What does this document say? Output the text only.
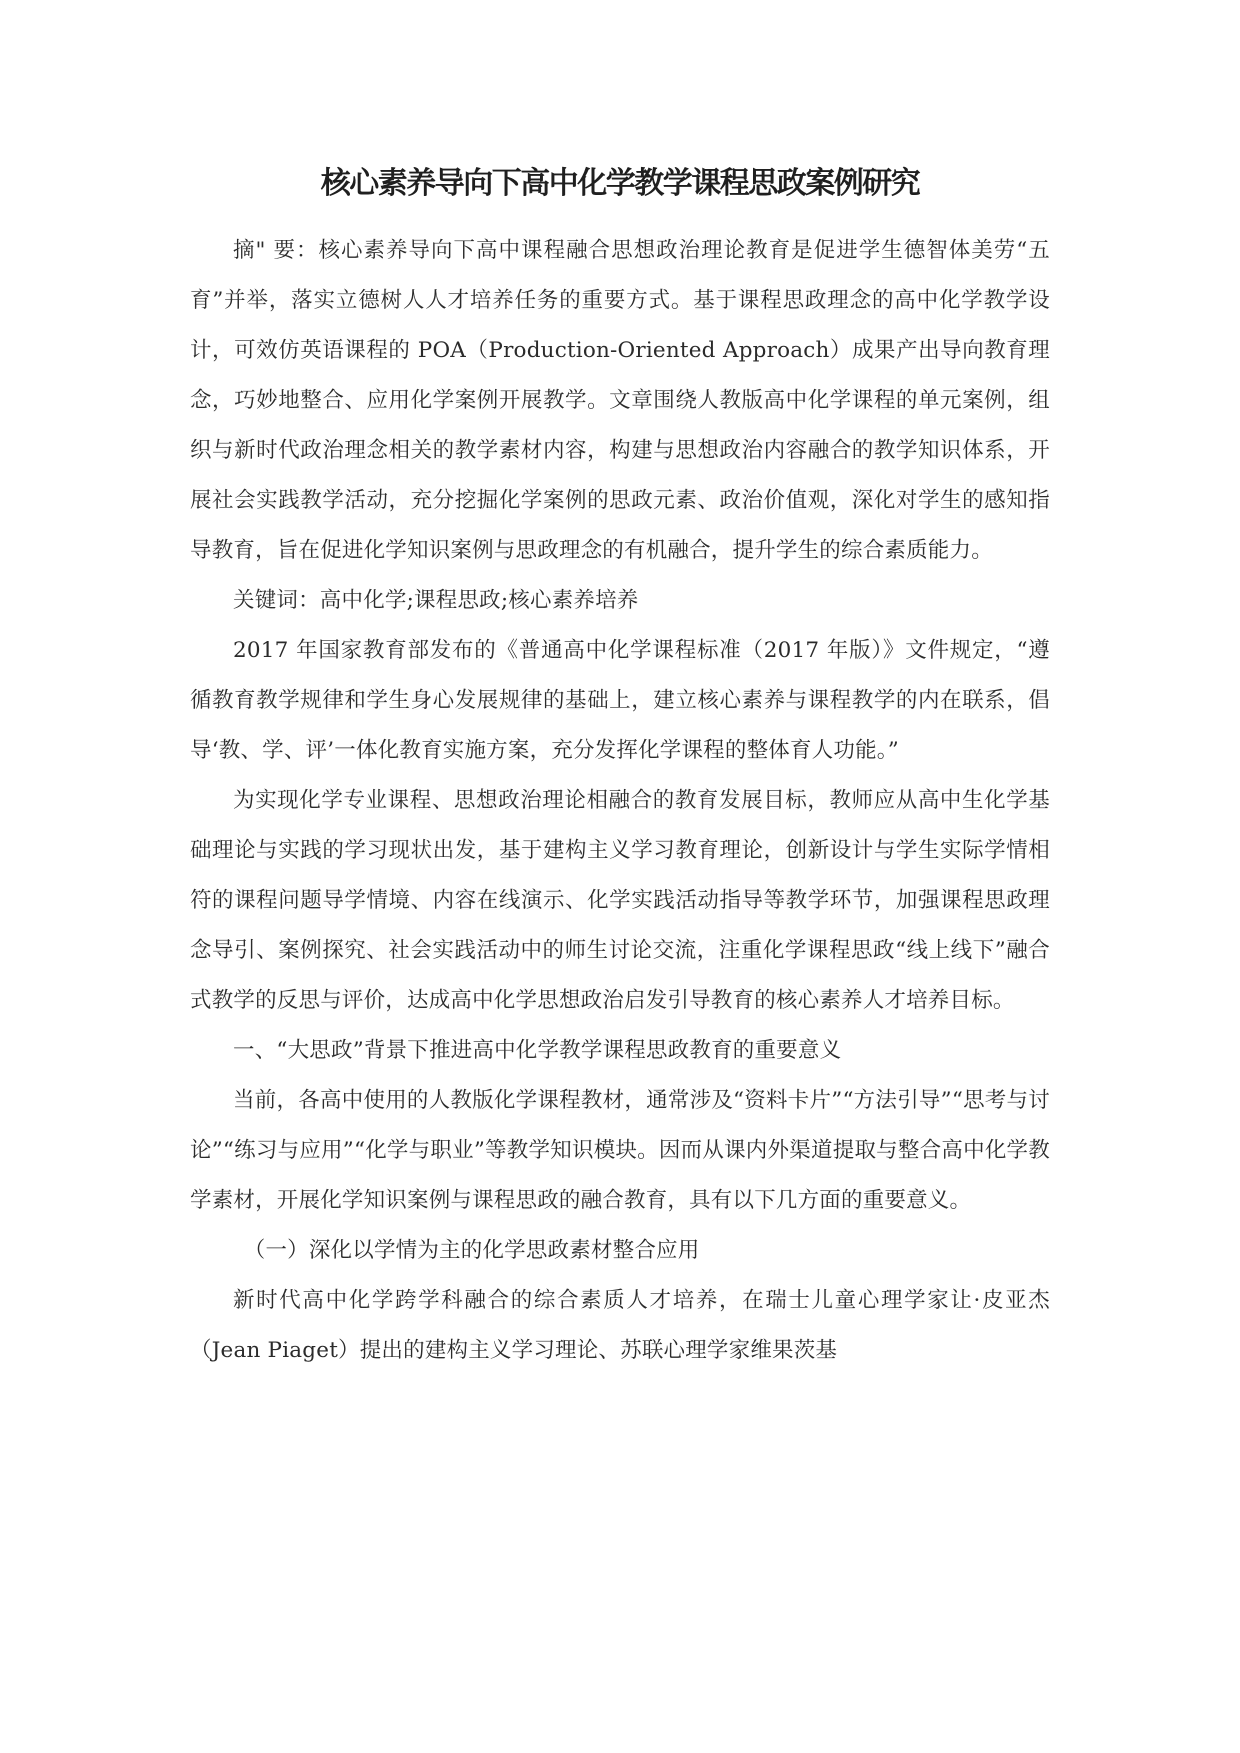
核心素养导向下高中化学教学课程思政案例研究

摘" 要：核心素养导向下高中课程融合思想政治理论教育是促进学生德智体美劳“五育”并举，落实立德树人人才培养任务的重要方式。基于课程思政理念的高中化学教学设计，可效仿英语课程的 POA（Production-Oriented Approach）成果产出导向教育理念，巧妙地整合、应用化学案例开展教学。文章围绕人教版高中化学课程的单元案例，组织与新时代政治理念相关的教学素材内容，构建与思想政治内容融合的教学知识体系，开展社会实践教学活动，充分挖掘化学案例的思政元素、政治价值观，深化对学生的感知指导教育，旨在促进化学知识案例与思政理念的有机融合，提升学生的综合素质能力。

关键词：高中化学;课程思政;核心素养培养

2017 年国家教育部发布的《普通高中化学课程标准（2017 年版）》文件规定，“遵循教育教学规律和学生身心发展规律的基础上，建立核心素养与课程教学的内在联系，倡导‘教、学、评’一体化教育实施方案，充分发挥化学课程的整体育人功能。”

为实现化学专业课程、思想政治理论相融合的教育发展目标，教师应从高中生化学基础理论与实践的学习现状出发，基于建构主义学习教育理论，创新设计与学生实际学情相符的课程问题导学情境、内容在线演示、化学实践活动指导等教学环节，加强课程思政理念导引、案例探究、社会实践活动中的师生讨论交流，注重化学课程思政“线上线下”融合式教学的反思与评价，达成高中化学思想政治启发引导教育的核心素养人才培养目标。

一、“大思政”背景下推进高中化学教学课程思政教育的重要意义

当前，各高中使用的人教版化学课程教材，通常涉及“资料卡片”“方法引导”“思考与讨论”“练习与应用”“化学与职业”等教学知识模块。因而从课内外渠道提取与整合高中化学教学素材，开展化学知识案例与课程思政的融合教育，具有以下几方面的重要意义。

（一）深化以学情为主的化学思政素材整合应用

新时代高中化学跨学科融合的综合素质人才培养，在瑞士儿童心理学家让·皮亚杰（Jean Piaget）提出的建构主义学习理论、苏联心理学家维果茨基
